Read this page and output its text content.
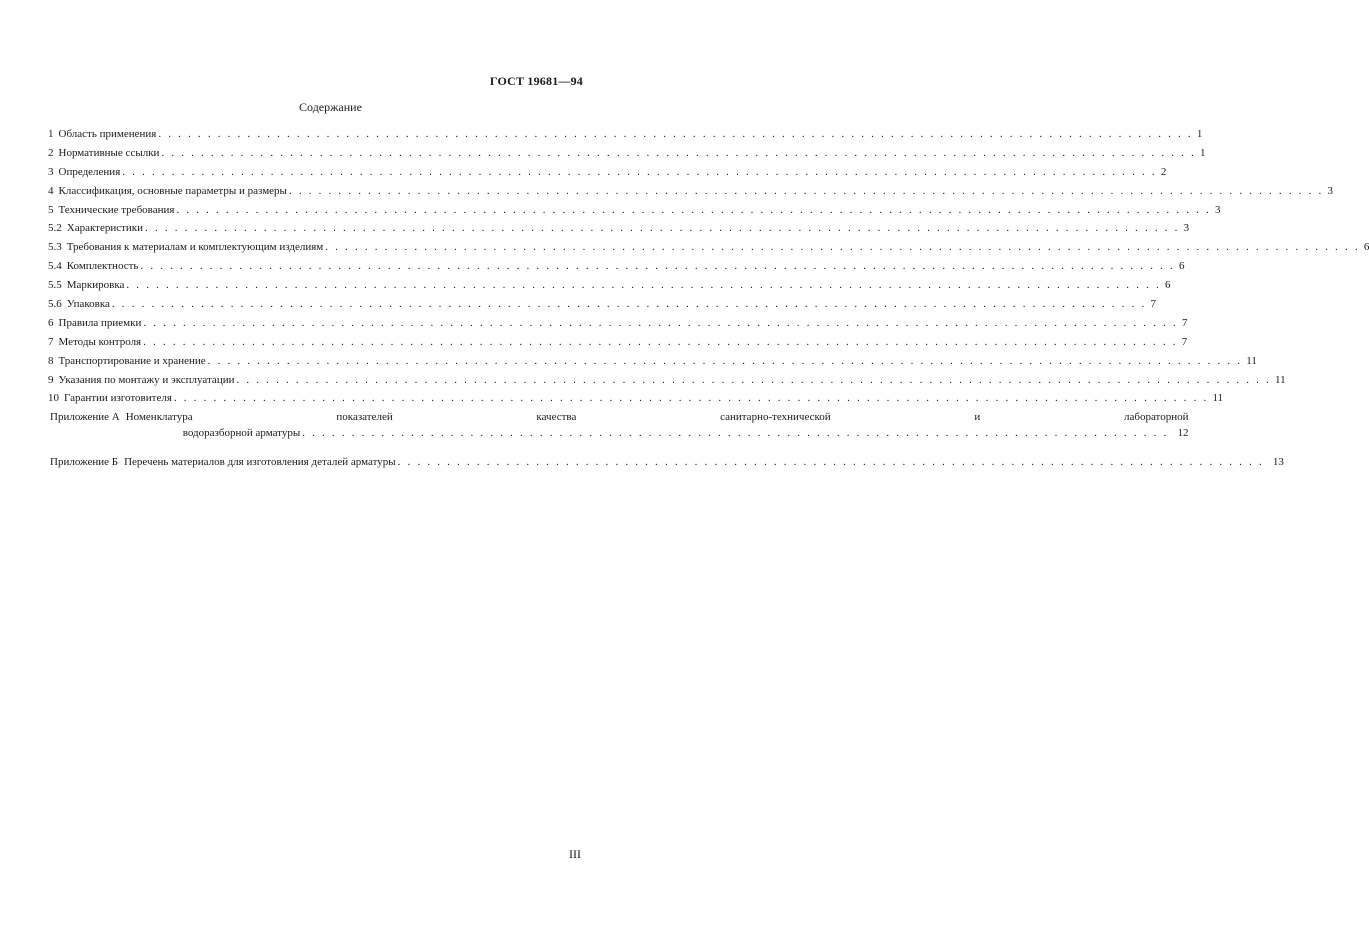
ГОСТ 19681—94
Содержание
1 Область применения . . .	1
2 Нормативные ссылки . . .	1
3 Определения . . .	2
4 Классификация, основные параметры и размеры . . .	3
5 Технические требования . . .	3
5.2 Характеристики . . .	3
5.3 Требования к материалам и комплектующим изделиям . . .	6
5.4 Комплектность . . .	6
5.5 Маркировка . . .	6
5.6 Упаковка . . .	7
6 Правила приемки . . .	7
7 Методы контроля . . .	7
8 Транспортирование и хранение . . .	11
9 Указания по монтажу и эксплуатации . . .	11
10 Гарантии изготовителя . . .	11
Приложение А Номенклатура показателей качества санитарно-технической и лабораторной
водоразборной арматуры . . .	12
Приложение Б Перечень материалов для изготовления деталей арматуры . . .	13
III
